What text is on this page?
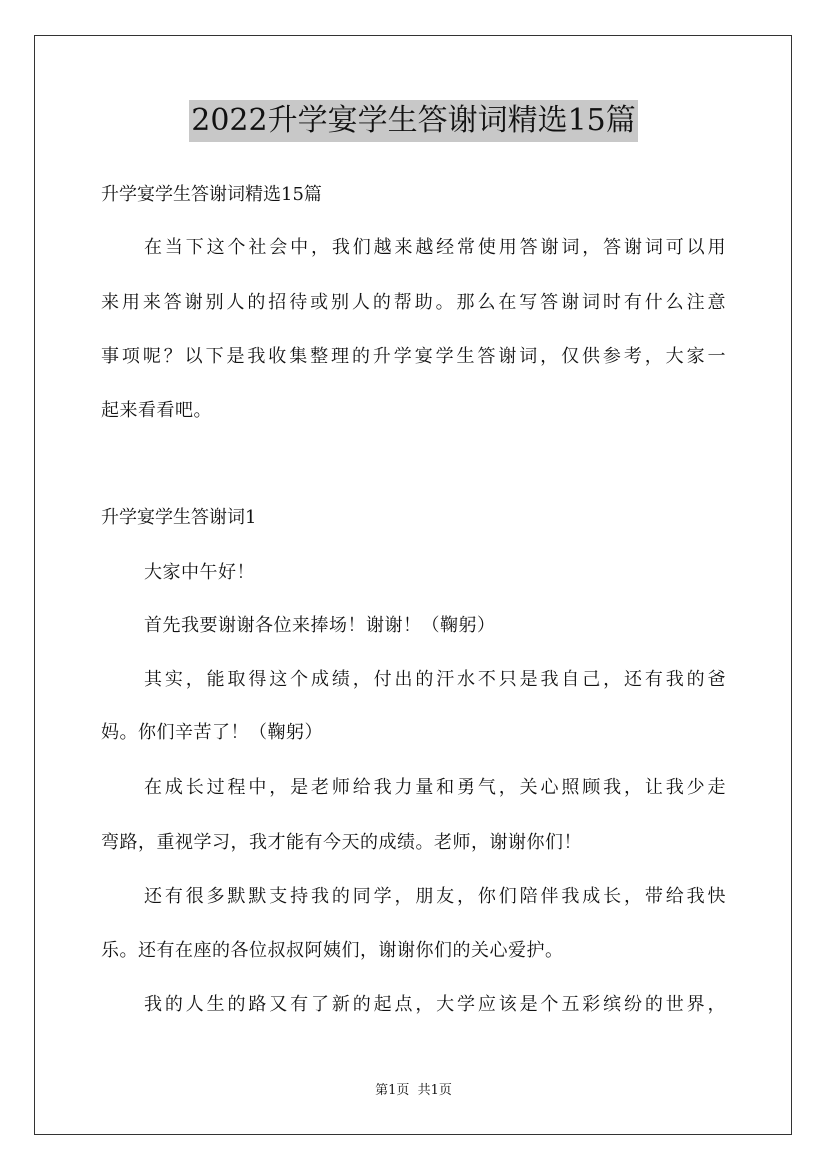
2022升学宴学生答谢词精选15篇
升学宴学生答谢词精选15篇
在当下这个社会中，我们越来越经常使用答谢词，答谢词可以用
来用来答谢别人的招待或别人的帮助。那么在写答谢词时有什么注意
事项呢？以下是我收集整理的升学宴学生答谢词，仅供参考，大家一
起来看看吧。
升学宴学生答谢词1
大家中午好！
首先我要谢谢各位来捧场！谢谢！（鞠躬）
其实，能取得这个成绩，付出的汗水不只是我自己，还有我的爸
妈。你们辛苦了！（鞠躬）
在成长过程中，是老师给我力量和勇气，关心照顾我，让我少走
弯路，重视学习，我才能有今天的成绩。老师，谢谢你们！
还有很多默默支持我的同学，朋友，你们陪伴我成长，带给我快
乐。还有在座的各位叔叔阿姨们，谢谢你们的关心爱护。
我的人生的路又有了新的起点，大学应该是个五彩缤纷的世界，
第1页  共1页
